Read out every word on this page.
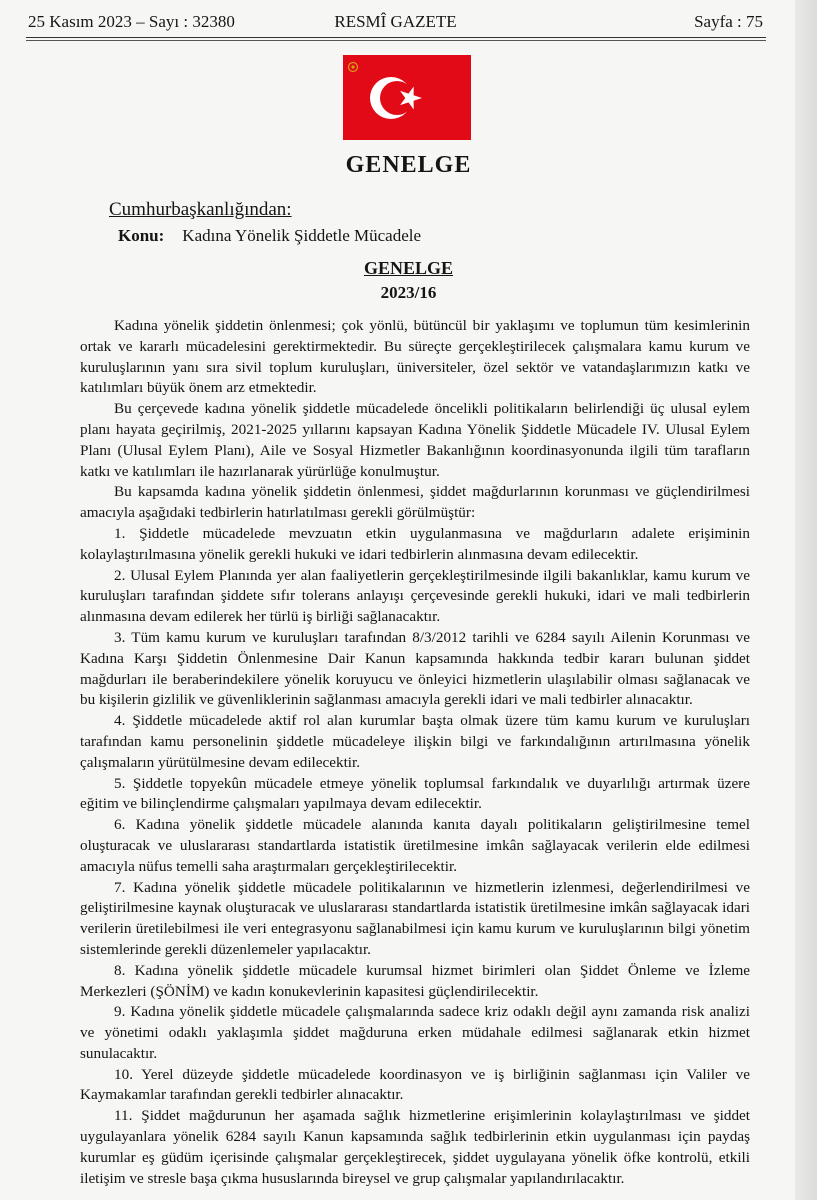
25 Kasım 2023 – Sayı : 32380	RESMÎ GAZETE	Sayfa : 75
GENELGE
Cumhurbaşkanlığından:
Konu: Kadına Yönelik Şiddetle Mücadele
GENELGE
2023/16

Kadına yönelik şiddetin önlenmesi; çok yönlü, bütüncül bir yaklaşımı ve toplumun tüm kesimlerinin ortak ve kararlı mücadelesini gerektirmektedir. Bu süreçte gerçekleştirilecek çalışmalara kamu kurum ve kuruluşlarının yanı sıra sivil toplum kuruluşları, üniversiteler, özel sektör ve vatandaşlarımızın katkı ve katılımları büyük önem arz etmektedir.

Bu çerçevede kadına yönelik şiddetle mücadelede öncelikli politikaların belirlendiği üç ulusal eylem planı hayata geçirilmiş, 2021-2025 yıllarını kapsayan Kadına Yönelik Şiddetle Mücadele IV. Ulusal Eylem Planı (Ulusal Eylem Planı), Aile ve Sosyal Hizmetler Bakanlığının koordinasyonunda ilgili tüm tarafların katkı ve katılımları ile hazırlanarak yürürlüğe konulmuştur.

Bu kapsamda kadına yönelik şiddetin önlenmesi, şiddet mağdurlarının korunması ve güçlendirilmesi amacıyla aşağıdaki tedbirlerin hatırlatılması gerekli görülmüştür:

1. Şiddetle mücadelede mevzuatın etkin uygulanmasına ve mağdurların adalete erişiminin kolaylaştırılmasına yönelik gerekli hukuki ve idari tedbirlerin alınmasına devam edilecektir.

2. Ulusal Eylem Planında yer alan faaliyetlerin gerçekleştirilmesinde ilgili bakanlıklar, kamu kurum ve kuruluşları tarafından şiddete sıfır tolerans anlayışı çerçevesinde gerekli hukuki, idari ve mali tedbirlerin alınmasına devam edilerek her türlü iş birliği sağlanacaktır.

3. Tüm kamu kurum ve kuruluşları tarafından 8/3/2012 tarihli ve 6284 sayılı Ailenin Korunması ve Kadına Karşı Şiddetin Önlenmesine Dair Kanun kapsamında hakkında tedbir kararı bulunan şiddet mağdurları ile beraberindekilere yönelik koruyucu ve önleyici hizmetlerin ulaşılabilir olması sağlanacak ve bu kişilerin gizlilik ve güvenliklerinin sağlanması amacıyla gerekli idari ve mali tedbirler alınacaktır.

4. Şiddetle mücadelede aktif rol alan kurumlar başta olmak üzere tüm kamu kurum ve kuruluşları tarafından kamu personelinin şiddetle mücadeleye ilişkin bilgi ve farkındalığının artırılmasına yönelik çalışmaların yürütülmesine devam edilecektir.

5. Şiddetle topyekûn mücadele etmeye yönelik toplumsal farkındalık ve duyarlılığı artırmak üzere eğitim ve bilinçlendirme çalışmaları yapılmaya devam edilecektir.

6. Kadına yönelik şiddetle mücadele alanında kanıta dayalı politikaların geliştirilmesine temel oluşturacak ve uluslararası standartlarda istatistik üretilmesine imkân sağlayacak verilerin elde edilmesi amacıyla nüfus temelli saha araştırmaları gerçekleştirilecektir.

7. Kadına yönelik şiddetle mücadele politikalarının ve hizmetlerin izlenmesi, değerlendirilmesi ve geliştirilmesine kaynak oluşturacak ve uluslararası standartlarda istatistik üretilmesine imkân sağlayacak idari verilerin üretilebilmesi ile veri entegrasyonu sağlanabilmesi için kamu kurum ve kuruluşlarının bilgi yönetim sistemlerinde gerekli düzenlemeler yapılacaktır.

8. Kadına yönelik şiddetle mücadele kurumsal hizmet birimleri olan Şiddet Önleme ve İzleme Merkezleri (ŞÖNİM) ve kadın konukevlerinin kapasitesi güçlendirilecektir.

9. Kadına yönelik şiddetle mücadele çalışmalarında sadece kriz odaklı değil aynı zamanda risk analizi ve yönetimi odaklı yaklaşımla şiddet mağduruna erken müdahale edilmesi sağlanarak etkin hizmet sunulacaktır.

10. Yerel düzeyde şiddetle mücadelede koordinasyon ve iş birliğinin sağlanması için Valiler ve Kaymakamlar tarafından gerekli tedbirler alınacaktır.

11. Şiddet mağdurunun her aşamada sağlık hizmetlerine erişimlerinin kolaylaştırılması ve şiddet uygulayanlara yönelik 6284 sayılı Kanun kapsamında sağlık tedbirlerinin etkin uygulanması için paydaş kurumlar eş güdüm içerisinde çalışmalar gerçekleştirecek, şiddet uygulayana yönelik öfke kontrolü, etkili iletişim ve stresle başa çıkma hususlarında bireysel ve grup çalışmalar yapılandırılacaktır.
